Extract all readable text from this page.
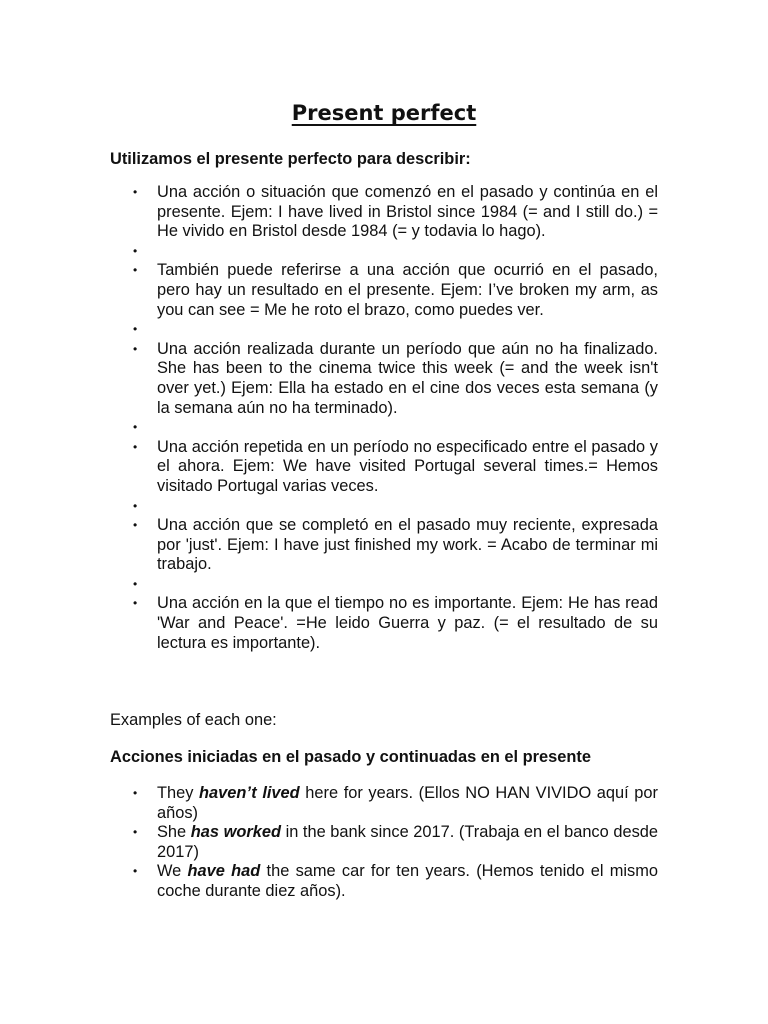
Present perfect
Utilizamos el presente perfecto para describir:
• Una acción o situación que comenzó en el pasado y continúa en el presente. Ejem: I have lived in Bristol since 1984 (= and I still do.) = He vivido en Bristol desde 1984 (= y todavia lo hago).
•
• También puede referirse a una acción que ocurrió en el pasado, pero hay un resultado en el presente. Ejem: I’ve broken my arm, as you can see = Me he roto el brazo, como puedes ver.
•
• Una acción realizada durante un período que aún no ha finalizado. She has been to the cinema twice this week (= and the week isn't over yet.) Ejem: Ella ha estado en el cine dos veces esta semana (y la semana aún no ha terminado).
•
• Una acción repetida en un período no especificado entre el pasado y el ahora. Ejem: We have visited Portugal several times.= Hemos visitado Portugal varias veces.
•
• Una acción que se completó en el pasado muy reciente, expresada por 'just'. Ejem: I have just finished my work. = Acabo de terminar mi trabajo.
•
• Una acción en la que el tiempo no es importante. Ejem: He has read 'War and Peace'. =He leido Guerra y paz. (= el resultado de su lectura es importante).
Examples of each one:
Acciones iniciadas en el pasado y continuadas en el presente
• They haven’t lived here for years. (Ellos NO HAN VIVIDO aquí por años)
• She has worked in the bank since 2017. (Trabaja en el banco desde 2017)
• We have had the same car for ten years. (Hemos tenido el mismo coche durante diez años).
